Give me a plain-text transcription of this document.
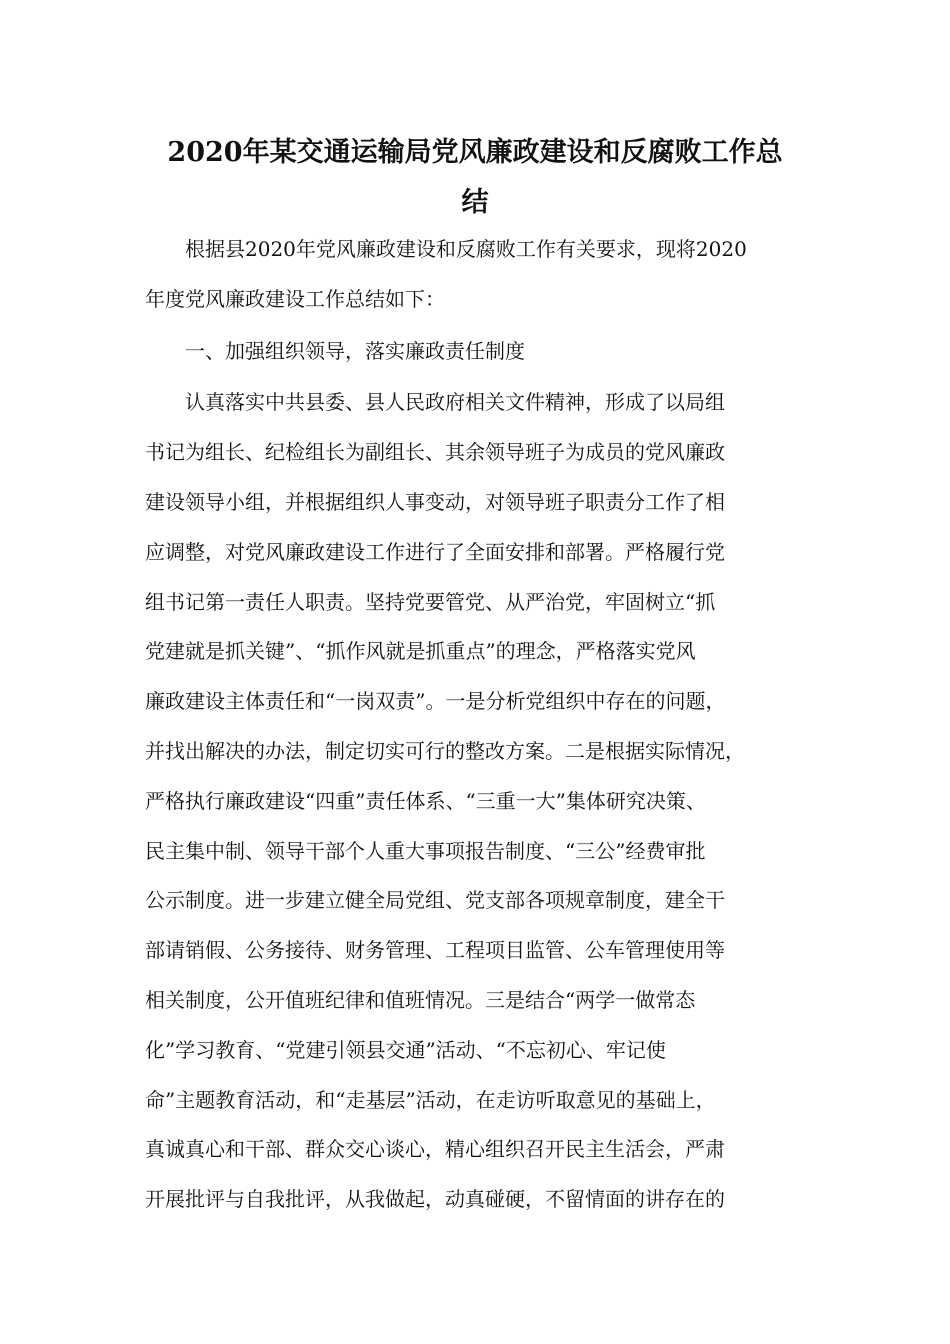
2020年某交通运输局党风廉政建设和反腐败工作总
结
根据县2020年党风廉政建设和反腐败工作有关要求，现将2020
年度党风廉政建设工作总结如下：
一、加强组织领导，落实廉政责任制度
认真落实中共县委、县人民政府相关文件精神，形成了以局组
书记为组长、纪检组长为副组长、其余领导班子为成员的党风廉政
建设领导小组，并根据组织人事变动，对领导班子职责分工作了相
应调整，对党风廉政建设工作进行了全面安排和部署。严格履行党
组书记第一责任人职责。坚持党要管党、从严治党，牢固树立“抓
党建就是抓关键”、“抓作风就是抓重点”的理念，严格落实党风
廉政建设主体责任和“一岗双责”。一是分析党组织中存在的问题，
并找出解决的办法，制定切实可行的整改方案。二是根据实际情况，
严格执行廉政建设“四重”责任体系、“三重一大”集体研究决策、
民主集中制、领导干部个人重大事项报告制度、“三公”经费审批
公示制度。进一步建立健全局党组、党支部各项规章制度，建全干
部请销假、公务接待、财务管理、工程项目监管、公车管理使用等
相关制度，公开值班纪律和值班情况。三是结合“两学一做常态
化”学习教育、“党建引领县交通”活动、“不忘初心、牢记使
命”主题教育活动，和“走基层”活动，在走访听取意见的基础上，
真诚真心和干部、群众交心谈心，精心组织召开民主生活会，严肃
开展批评与自我批评，从我做起，动真碰硬，不留情面的讲存在的
